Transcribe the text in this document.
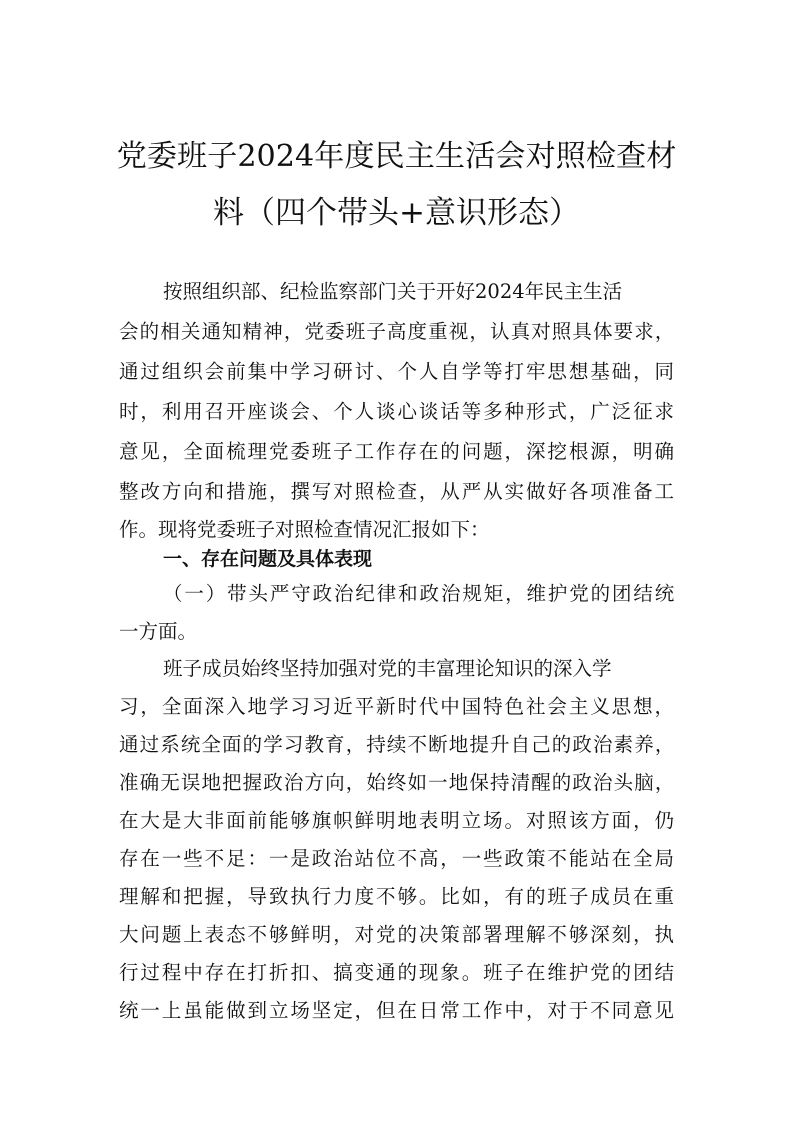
党委班子2024年度民主生活会对照检查材
料（四个带头+意识形态）
按照组织部、纪检监察部门关于开好2024年民主生活
会的相关通知精神，党委班子高度重视，认真对照具体要求，
通过组织会前集中学习研讨、个人自学等打牢思想基础，同
时，利用召开座谈会、个人谈心谈话等多种形式，广泛征求
意见，全面梳理党委班子工作存在的问题，深挖根源，明确
整改方向和措施，撰写对照检查，从严从实做好各项准备工
作。现将党委班子对照检查情况汇报如下：
一、存在问题及具体表现
（一）带头严守政治纪律和政治规矩，维护党的团结统
一方面。
班子成员始终坚持加强对党的丰富理论知识的深入学
习，全面深入地学习习近平新时代中国特色社会主义思想，
通过系统全面的学习教育，持续不断地提升自己的政治素养，
准确无误地把握政治方向，始终如一地保持清醒的政治头脑，
在大是大非面前能够旗帜鲜明地表明立场。对照该方面，仍
存在一些不足：一是政治站位不高，一些政策不能站在全局
理解和把握，导致执行力度不够。比如，有的班子成员在重
大问题上表态不够鲜明，对党的决策部署理解不够深刻，执
行过程中存在打折扣、搞变通的现象。班子在维护党的团结
统一上虽能做到立场坚定，但在日常工作中，对于不同意见
